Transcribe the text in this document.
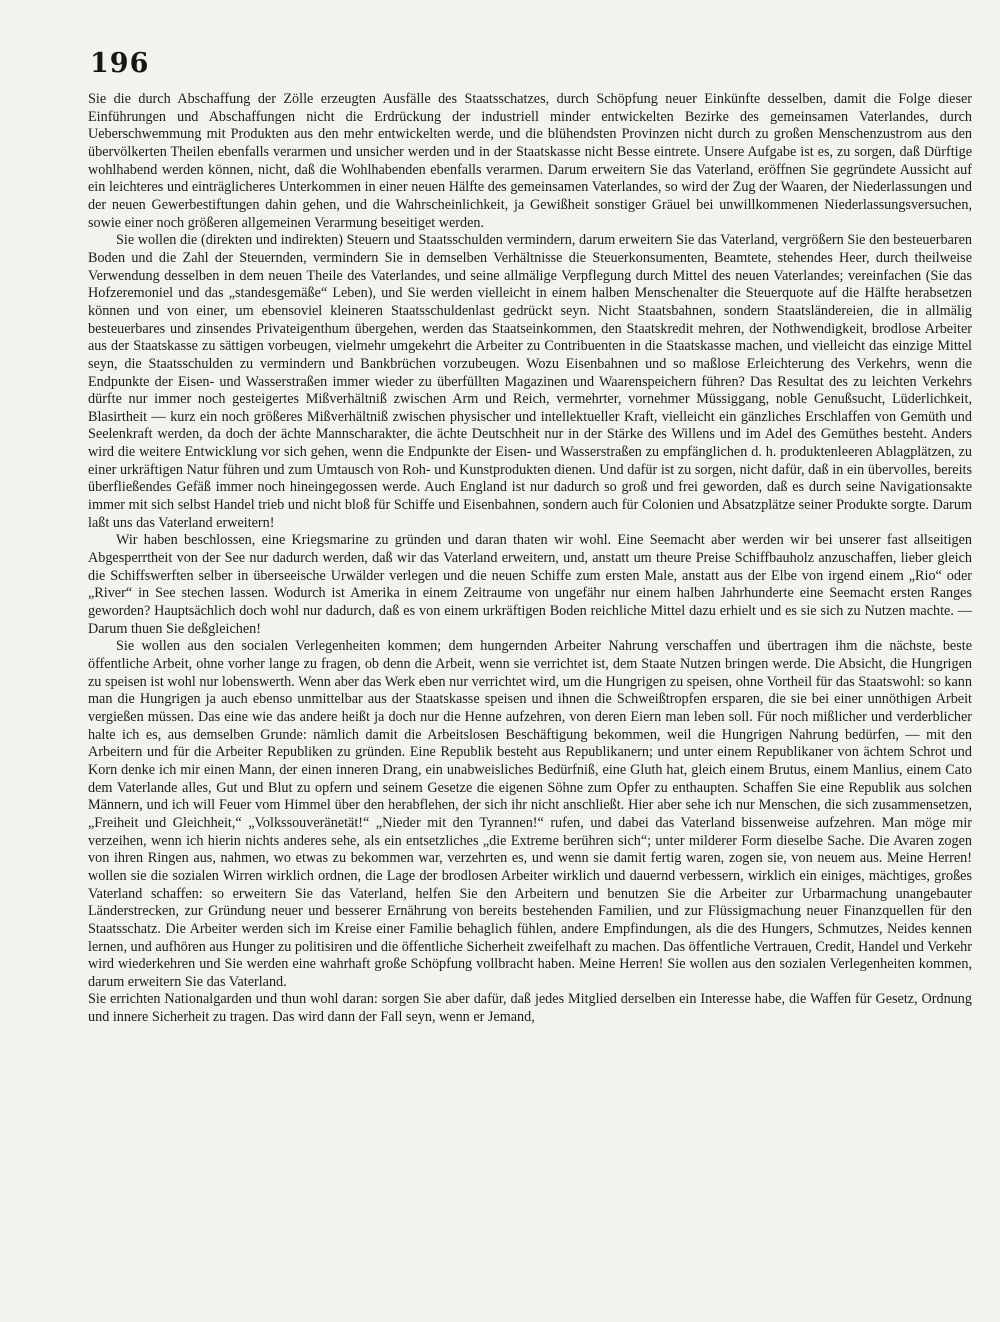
196

Sie die durch Abschaffung der Zölle erzeugten Ausfälle des Staatsschatzes, durch Schöpfung neuer Einkünfte desselben, damit die Folge dieser Einführungen und Abschaffungen nicht die Erdrückung der industriell minder entwickelten Bezirke des gemeinsamen Vaterlandes, durch Ueberschwemmung mit Produkten aus den mehr entwickelten werde, und die blühendsten Provinzen nicht durch zu großen Menschenzustrom aus den übervölkerten Theilen ebenfalls verarmen und unsicher werden und in der Staatskasse nicht Besse eintrete. Unsere Aufgabe ist es, zu sorgen, daß Dürftige wohlhabend werden können, nicht, daß die Wohlhabenden ebenfalls verarmen. Darum erweitern Sie das Vaterland, eröffnen Sie gegründete Aussicht auf ein leichteres und einträglicheres Unterkommen in einer neuen Hälfte des gemeinsamen Vaterlandes, so wird der Zug der Waaren, der Niederlassungen und der neuen Gewerbestiftungen dahin gehen, und die Wahrscheinlichkeit, ja Gewißheit sonstiger Gräuel bei unwillkommenen Niederlassungsversuchen, sowie einer noch größeren allgemeinen Verarmung beseitiget werden.

Sie wollen die (direkten und indirekten) Steuern und Staatsschulden vermindern, darum erweitern Sie das Vaterland, vergrößern Sie den besteuerbaren Boden und die Zahl der Steuernden, vermindern Sie in demselben Verhältnisse die Steuerkonsumenten, Beamtete, stehendes Heer, durch theilweise Verwendung desselben in dem neuen Theile des Vaterlandes, und seine allmälige Verpflegung durch Mittel des neuen Vaterlandes; vereinfachen (Sie das Hofzeremoniel und das „standesgemäße“ Leben), und Sie werden vielleicht in einem halben Menschenalter die Steuerquote auf die Hälfte herabsetzen können und von einer, um ebensoviel kleineren Staatsschuldenlast gedrückt seyn. Nicht Staatsbahnen, sondern Staatsländereien, die in allmälig besteuerbares und zinsendes Privateigenthum übergehen, werden das Staatseinkommen, den Staatskredit mehren, der Nothwendigkeit, brodlose Arbeiter aus der Staatskasse zu sättigen vorbeugen, vielmehr umgekehrt die Arbeiter zu Contribuenten in die Staatskasse machen, und vielleicht das einzige Mittel seyn, die Staatsschulden zu vermindern und Bankbrüchen vorzubeugen. Wozu Eisenbahnen und so maßlose Erleichterung des Verkehrs, wenn die Endpunkte der Eisen- und Wasserstraßen immer wieder zu überfüllten Magazinen und Waarenspeichern führen? Das Resultat des zu leichten Verkehrs dürfte nur immer noch gesteigertes Mißverhältniß zwischen Arm und Reich, vermehrter, vornehmer Müssiggang, noble Genußsucht, Lüderlichkeit, Blasirtheit — kurz ein noch größeres Mißverhältniß zwischen physischer und intellektueller Kraft, vielleicht ein gänzliches Erschlaffen von Gemüth und Seelenkraft werden, da doch der ächte Mannscharakter, die ächte Deutschheit nur in der Stärke des Willens und im Adel des Gemüthes besteht. Anders wird die weitere Entwicklung vor sich gehen, wenn die Endpunkte der Eisen- und Wasserstraßen zu empfänglichen d. h. produktenleeren Ablagplätzen, zu einer urkräftigen Natur führen und zum Umtausch von Roh- und Kunstprodukten dienen. Und dafür ist zu sorgen, nicht dafür, daß in ein übervolles, bereits überfließendes Gefäß immer noch hineingegossen werde. Auch England ist nur dadurch so groß und frei geworden, daß es durch seine Navigationsakte immer mit sich selbst Handel trieb und nicht bloß für Schiffe und Eisenbahnen, sondern auch für Colonien und Absatzplätze seiner Produkte sorgte. Darum laßt uns das Vaterland erweitern!

Wir haben beschlossen, eine Kriegsmarine zu gründen und daran thaten wir wohl. Eine Seemacht aber werden wir bei unserer fast allseitigen Abgesperrtheit von der See nur dadurch werden, daß wir das Vaterland erweitern, und, anstatt um theure Preise Schiffbauholz anzuschaffen, lieber gleich die Schiffswerften selber in überseeische Urwälder verlegen und die neuen Schiffe zum ersten Male, anstatt aus der Elbe von irgend einem „Rio“ oder „River“ in See stechen lassen. Wodurch ist Amerika in einem Zeitraume von ungefähr nur einem halben Jahrhunderte eine Seemacht ersten Ranges geworden? Hauptsächlich doch wohl nur dadurch, daß es von einem urkräftigen Boden reichliche Mittel dazu erhielt und es sie sich zu Nutzen machte. — Darum thuen Sie deßgleichen!

Sie wollen aus den socialen Verlegenheiten kommen; dem hungernden Arbeiter Nahrung verschaffen und übertragen ihm die nächste, beste öffentliche Arbeit, ohne vorher lange zu fragen, ob denn die Arbeit, wenn sie verrichtet ist, dem Staate Nutzen bringen werde. Die Absicht, die Hungrigen zu speisen ist wohl nur lobenswerth. Wenn aber das Werk eben nur verrichtet wird, um die Hungrigen zu speisen, ohne Vortheil für das Staatswohl: so kann man die Hungrigen ja auch ebenso unmittelbar aus der Staatskasse speisen und ihnen die Schweißtropfen ersparen, die sie bei einer unnöthigen Arbeit vergießen müssen. Das eine wie das andere heißt ja doch nur die Henne aufzehren, von deren Eiern man leben soll. Für noch mißlicher und verderblicher halte ich es, aus demselben Grunde: nämlich damit die Arbeitslosen Beschäftigung bekommen, weil die Hungrigen Nahrung bedürfen, — mit den Arbeitern und für die Arbeiter Republiken zu gründen. Eine Republik besteht aus Republikanern; und unter einem Republikaner von ächtem Schrot und Korn denke ich mir einen Mann, der einen inneren Drang, ein unabweisliches Bedürfniß, eine Gluth hat, gleich einem Brutus, einem Manlius, einem Cato dem Vaterlande alles, Gut und Blut zu opfern und seinem Gesetze die eigenen Söhne zum Opfer zu enthaupten. Schaffen Sie eine Republik aus solchen Männern, und ich will Feuer vom Himmel über den herabflehen, der sich ihr nicht anschließt. Hier aber sehe ich nur Menschen, die sich zusammensetzen, „Freiheit und Gleichheit,“ „Volkssouveränetät!“ „Nieder mit den Tyrannen!“ rufen, und dabei das Vaterland bissenweise aufzehren. Man möge mir verzeihen, wenn ich hierin nichts anderes sehe, als ein entsetzliches „die Extreme berühren sich“; unter milderer Form dieselbe Sache. Die Avaren zogen von ihren Ringen aus, nahmen, wo etwas zu bekommen war, verzehrten es, und wenn sie damit fertig waren, zogen sie, von neuem aus. Meine Herren! wollen sie die sozialen Wirren wirklich ordnen, die Lage der brodlosen Arbeiter wirklich und dauernd verbessern, wirklich ein einiges, mächtiges, großes Vaterland schaffen: so erweitern Sie das Vaterland, helfen Sie den Arbeitern und benutzen Sie die Arbeiter zur Urbarmachung unangebauter Länderstrecken, zur Gründung neuer und besserer Ernährung von bereits bestehenden Familien, und zur Flüssigmachung neuer Finanzquellen für den Staatsschatz. Die Arbeiter werden sich im Kreise einer Familie behaglich fühlen, andere Empfindungen, als die des Hungers, Schmutzes, Neides kennen lernen, und aufhören aus Hunger zu politisiren und die öffentliche Sicherheit zweifelhaft zu machen. Das öffentliche Vertrauen, Credit, Handel und Verkehr wird wiederkehren und Sie werden eine wahrhaft große Schöpfung vollbracht haben. Meine Herren! Sie wollen aus den sozialen Verlegenheiten kommen, darum erweitern Sie das Vaterland.

Sie errichten Nationalgarden und thun wohl daran: sorgen Sie aber dafür, daß jedes Mitglied derselben ein Interesse habe, die Waffen für Gesetz, Ordnung und innere Sicherheit zu tragen. Das wird dann der Fall seyn, wenn er Jemand,
